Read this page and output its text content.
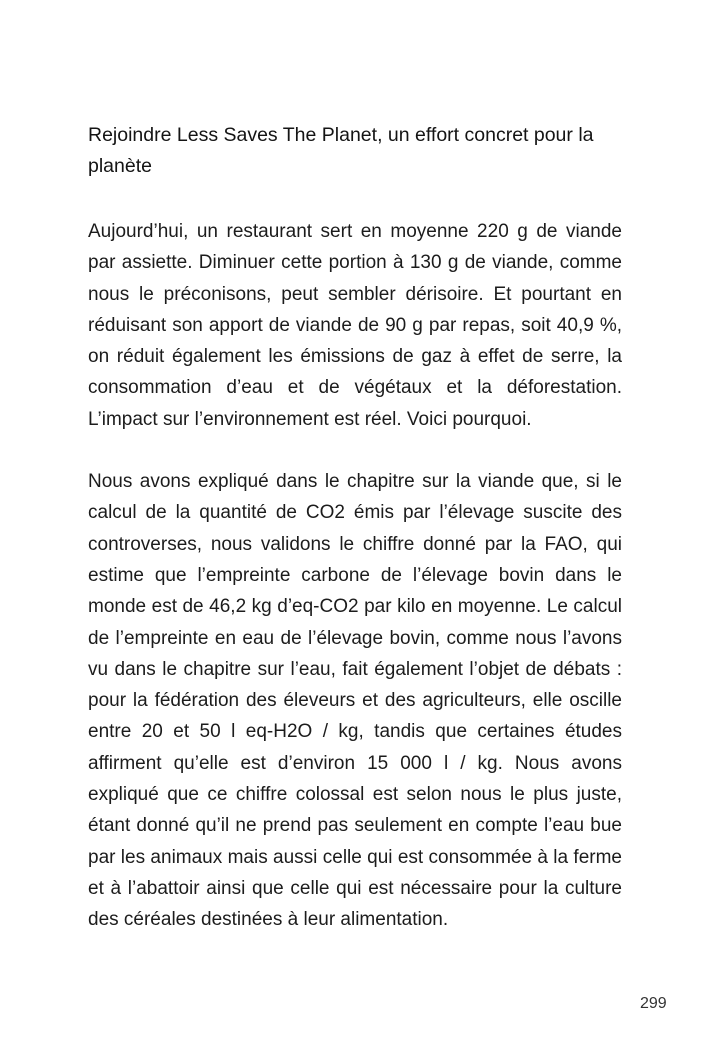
Rejoindre Less Saves The Planet, un effort concret pour la planète

Aujourd’hui, un restaurant sert en moyenne 220 g de viande par assiette. Diminuer cette portion à 130 g de viande, comme nous le préconisons, peut sembler dérisoire. Et pourtant en réduisant son apport de viande de 90 g par repas, soit 40,9 %, on réduit également les émissions de gaz à effet de serre, la consommation d’eau et de végétaux et la déforestation. L’impact sur l’environnement est réel. Voici pourquoi.

Nous avons expliqué dans le chapitre sur la viande que, si le calcul de la quantité de CO2 émis par l’élevage suscite des controverses, nous validons le chiffre donné par la FAO, qui estime que l’empreinte carbone de l’élevage bovin dans le monde est de 46,2 kg d’eq-CO2 par kilo en moyenne. Le calcul de l’empreinte en eau de l’élevage bovin, comme nous l’avons vu dans le chapitre sur l’eau, fait également l’objet de débats : pour la fédération des éleveurs et des agriculteurs, elle oscille entre 20 et 50 l eq-H2O / kg, tandis que certaines études affirment qu’elle est d’environ 15 000 l / kg. Nous avons expliqué que ce chiffre colossal est selon nous le plus juste, étant donné qu’il ne prend pas seulement en compte l’eau bue par les animaux mais aussi celle qui est consommée à la ferme et à l’abattoir ainsi que celle qui est nécessaire pour la culture des céréales destinées à leur alimentation.

299
